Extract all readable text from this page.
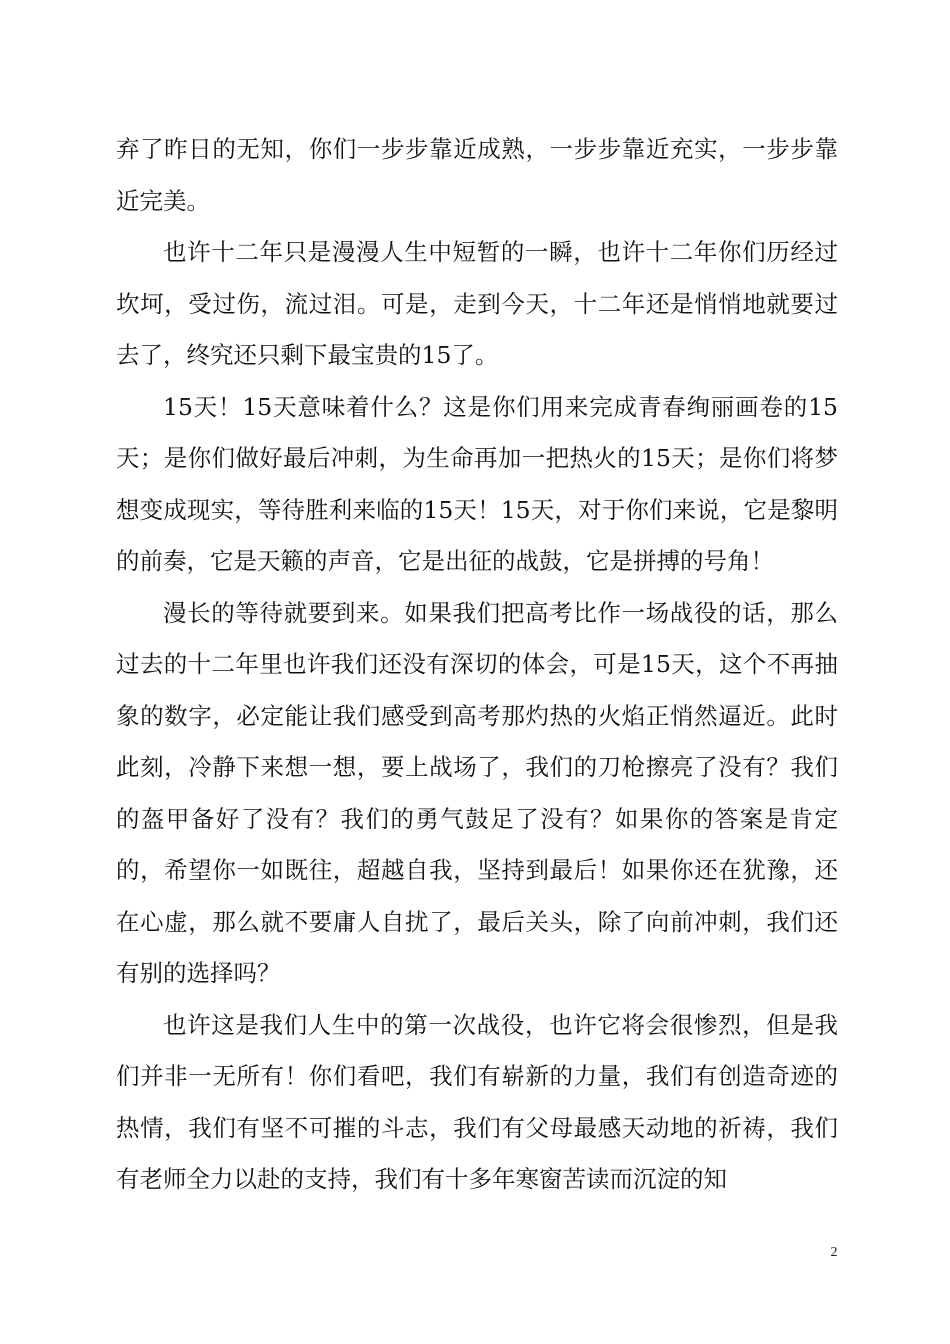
弃了昨日的无知，你们一步步靠近成熟，一步步靠近充实，一步步靠近完美。

也许十二年只是漫漫人生中短暂的一瞬，也许十二年你们历经过坎坷，受过伤，流过泪。可是，走到今天，十二年还是悄悄地就要过去了，终究还只剩下最宝贵的15了。

15天！15天意味着什么？这是你们用来完成青春绚丽画卷的15天；是你们做好最后冲刺，为生命再加一把热火的15天；是你们将梦想变成现实，等待胜利来临的15天！15天，对于你们来说，它是黎明的前奏，它是天籁的声音，它是出征的战鼓，它是拼搏的号角！

漫长的等待就要到来。如果我们把高考比作一场战役的话，那么过去的十二年里也许我们还没有深切的体会，可是15天，这个不再抽象的数字，必定能让我们感受到高考那灼热的火焰正悄然逼近。此时此刻，冷静下来想一想，要上战场了，我们的刀枪擦亮了没有？我们的盔甲备好了没有？我们的勇气鼓足了没有？如果你的答案是肯定的，希望你一如既往，超越自我，坚持到最后！如果你还在犹豫，还在心虚，那么就不要庸人自扰了，最后关头，除了向前冲刺，我们还有别的选择吗？

也许这是我们人生中的第一次战役，也许它将会很惨烈，但是我们并非一无所有！你们看吧，我们有崭新的力量，我们有创造奇迹的热情，我们有坚不可摧的斗志，我们有父母最感天动地的祈祷，我们有老师全力以赴的支持，我们有十多年寒窗苦读而沉淀的知

2
